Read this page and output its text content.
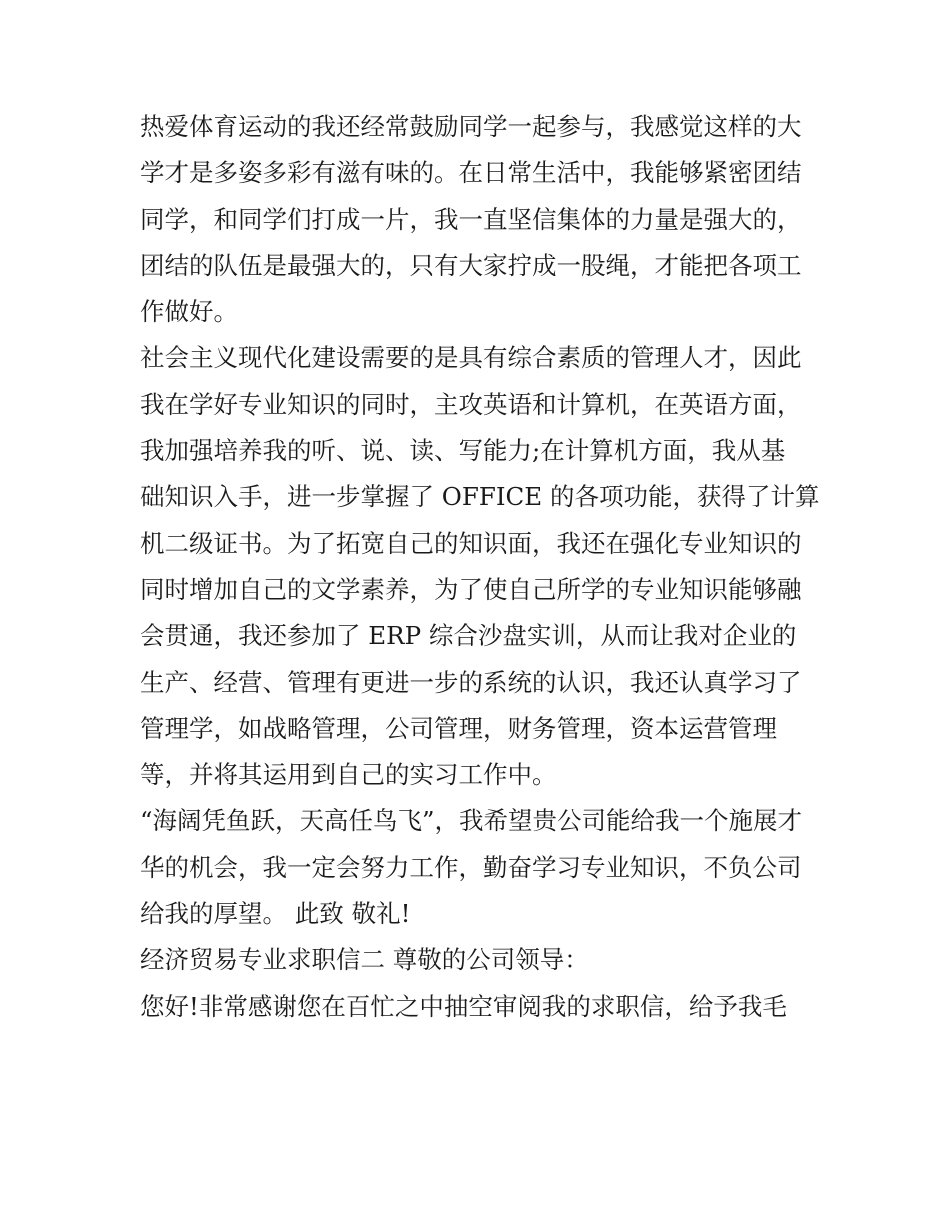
热爱体育运动的我还经常鼓励同学一起参与，我感觉这样的大
学才是多姿多彩有滋有味的。在日常生活中，我能够紧密团结
同学，和同学们打成一片，我一直坚信集体的力量是强大的，
团结的队伍是最强大的，只有大家拧成一股绳，才能把各项工
作做好。
社会主义现代化建设需要的是具有综合素质的管理人才，因此
我在学好专业知识的同时，主攻英语和计算机，在英语方面，
我加强培养我的听、说、读、写能力;在计算机方面，我从基
础知识入手，进一步掌握了 OFFICE 的各项功能，获得了计算
机二级证书。为了拓宽自己的知识面，我还在强化专业知识的
同时增加自己的文学素养，为了使自己所学的专业知识能够融
会贯通，我还参加了 ERP 综合沙盘实训，从而让我对企业的
生产、经营、管理有更进一步的系统的认识，我还认真学习了
管理学，如战略管理，公司管理，财务管理，资本运营管理
等，并将其运用到自己的实习工作中。
“海阔凭鱼跃，天高任鸟飞”，我希望贵公司能给我一个施展才
华的机会，我一定会努力工作，勤奋学习专业知识，不负公司
给我的厚望。 此致 敬礼!
经济贸易专业求职信二 尊敬的公司领导：
您好!非常感谢您在百忙之中抽空审阅我的求职信，给予我毛
